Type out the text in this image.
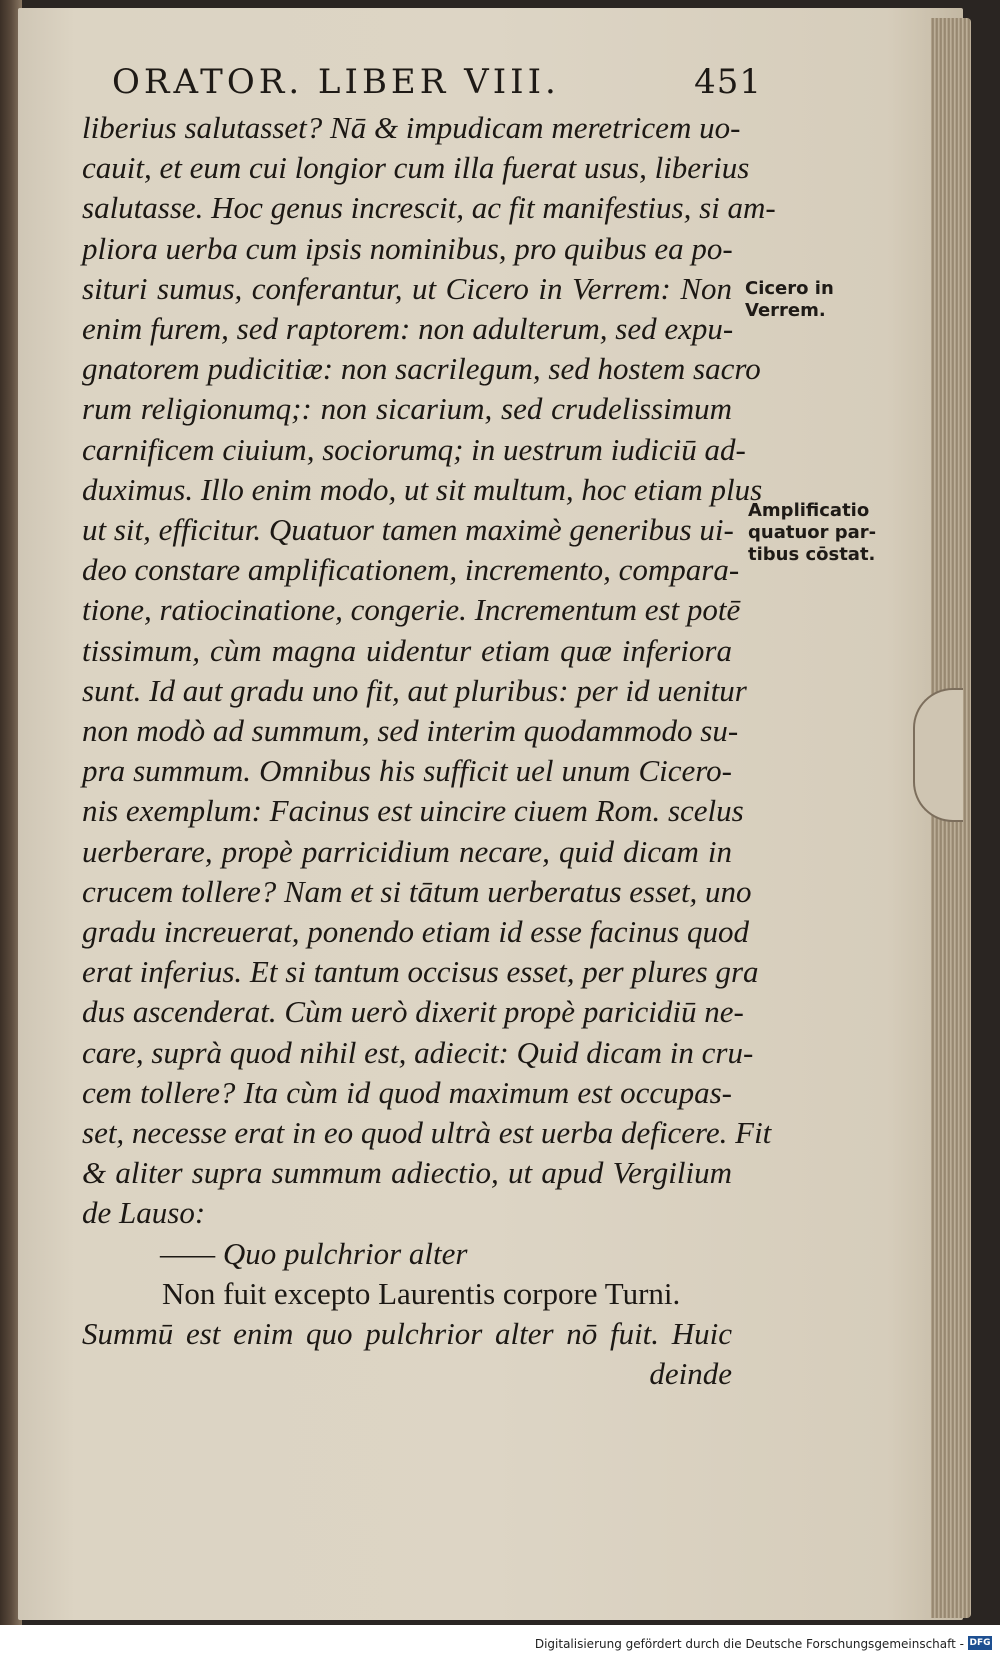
ORATOR. LIBER VIII.	451
liberius salutasset? Nā & impudicam meretricem uo-
cauit, et eum cui longior cum illa fuerat usus, liberius
salutasse. Hoc genus increscit, ac fit manifestius, si am-
pliora uerba cum ipsis nominibus, pro quibus ea po-
situri sumus, conferantur, ut Cicero in Verrem: Non
enim furem, sed raptorem: non adulterum, sed expu-
gnatorem pudicitiæ: non sacrilegum, sed hostem sacro
rum religionumq;: non sicarium, sed crudelissimum
carnificem ciuium, sociorumq; in uestrum iudiciū ad-
duximus. Illo enim modo, ut sit multum, hoc etiam plus
ut sit, efficitur. Quatuor tamen maximè generibus ui-
deo constare amplificationem, incremento, compara-
tione, ratiocinatione, congerie. Incrementum est potē
tissimum, cùm magna uidentur etiam quæ inferiora
sunt. Id aut gradu uno fit, aut pluribus: per id uenitur
non modò ad summum, sed interim quodammodo su-
pra summum. Omnibus his sufficit uel unum Cicero-
nis exemplum: Facinus est uincire ciuem Rom. scelus
uerberare, propè parricidium necare, quid dicam in
crucem tollere? Nam et si tātum uerberatus esset, uno
gradu increuerat, ponendo etiam id esse facinus quod
erat inferius. Et si tantum occisus esset, per plures gra
dus ascenderat. Cùm uerò dixerit propè paricidiū ne-
care, suprà quod nihil est, adiecit: Quid dicam in cru-
cem tollere? Ita cùm id quod maximum est occupas-
set, necesse erat in eo quod ultrà est uerba deficere. Fit
& aliter supra summum adiectio, ut apud Vergilium
de Lauso:
—— Quo pulchrior alter
Non fuit excepto Laurentis corpore Turni.
Summū est enim quo pulchrior alter nō fuit. Huic
deinde
Cicero in
Verrem.
Amplificatio
quatuor par-
tibus cōstat.
Digitalisierung gefördert durch die Deutsche Forschungsgemeinschaft - DFG
